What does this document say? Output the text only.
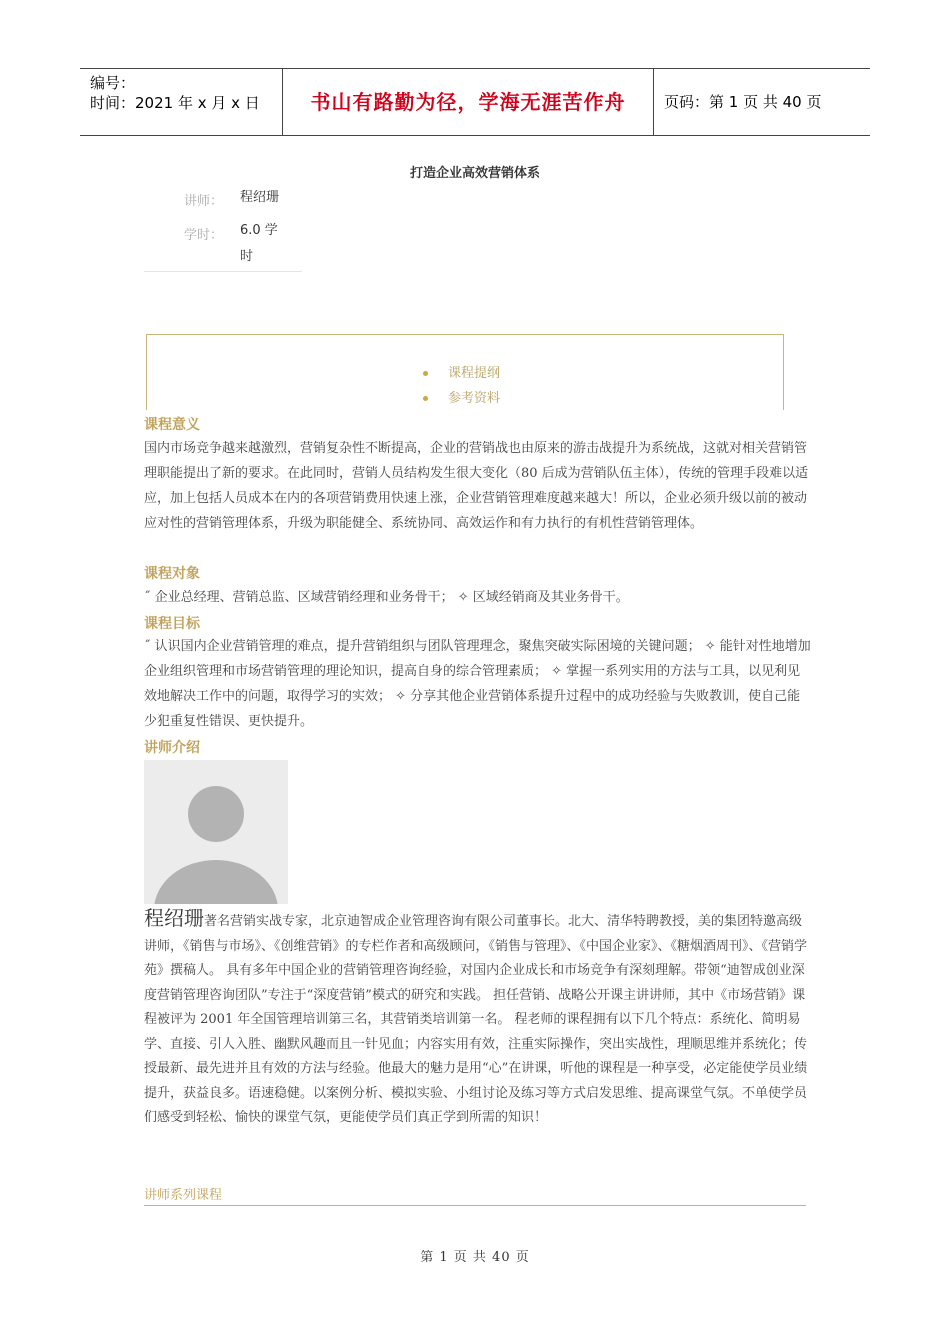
编号：
时间：2021 年 x 月 x 日	书山有路勤为径，学海无涯苦作舟	页码：第 1 页 共 40 页
打造企业高效营销体系
讲师： 程绍珊
学时： 6.0 学
时
课程提纲
参考资料
课程意义
国内市场竞争越来越激烈，营销复杂性不断提高，企业的营销战也由原来的游击战提升为系统战，这就对相关营销管理职能提出了新的要求。在此同时，营销人员结构发生很大变化（80 后成为营销队伍主体），传统的管理手段难以适应，加上包括人员成本在内的各项营销费用快速上涨，企业营销管理难度越来越大！所以，企业必须升级以前的被动应对性的营销管理体系，升级为职能健全、系统协同、高效运作和有力执行的有机性营销管理体。
课程对象
˝ 企业总经理、营销总监、区域营销经理和业务骨干； ✧ 区域经销商及其业务骨干。
课程目标
˝ 认识国内企业营销管理的难点，提升营销组织与团队管理理念，聚焦突破实际困境的关键问题； ✧ 能针对性地增加企业组织管理和市场营销管理的理论知识，提高自身的综合管理素质； ✧ 掌握一系列实用的方法与工具，以见利见效地解决工作中的问题，取得学习的实效； ✧ 分享其他企业营销体系提升过程中的成功经验与失败教训，使自己能少犯重复性错误、更快提升。
讲师介绍
程绍珊著名营销实战专家，北京迪智成企业管理咨询有限公司董事长。北大、清华特聘教授，美的集团特邀高级讲师，《销售与市场》、《创维营销》的专栏作者和高级顾问，《销售与管理》、《中国企业家》、《糖烟酒周刊》、《营销学苑》撰稿人。 具有多年中国企业的营销管理咨询经验，对国内企业成长和市场竞争有深刻理解。带领“迪智成创业深度营销管理咨询团队”专注于“深度营销”模式的研究和实践。 担任营销、战略公开课主讲讲师，其中《市场营销》课程被评为 2001 年全国管理培训第三名，其营销类培训第一名。 程老师的课程拥有以下几个特点：系统化、简明易学、直接、引人入胜、幽默风趣而且一针见血；内容实用有效，注重实际操作，突出实战性，理顺思维并系统化；传授最新、最先进并且有效的方法与经验。他最大的魅力是用“心”在讲课，听他的课程是一种享受，必定能使学员业绩提升，获益良多。语速稳健。以案例分析、模拟实验、小组讨论及练习等方式启发思维、提高课堂气氛。不单使学员们感受到轻松、愉快的课堂气氛，更能使学员们真正学到所需的知识！
讲师系列课程
第 1 页 共 40 页
